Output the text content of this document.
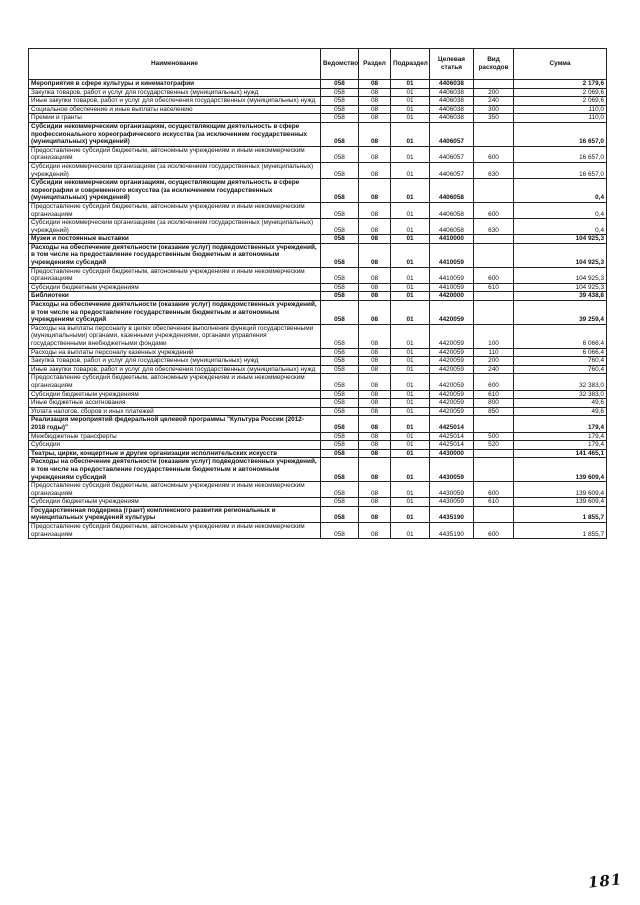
Наименование	Ведомство	Раздел	Подраздел	Целевая статья	Вид расходов	Сумма
Мероприятия в сфере культуры и кинематографии	058	08	01	4406038		2 179,6
Закупка товаров, работ и услуг для государственных (муниципальных) нужд	058	08	01	4406038	200	2 069,6
Иные закупки товаров, работ и услуг для обеспечения государственных (муниципальных) нужд	058	08	01	4406038	240	2 069,6
Социальное обеспечение и иные выплаты населению	058	08	01	4406038	300	110,0
Премии и гранты	058	08	01	4406038	350	110,0
Субсидии некоммерческим организациям, осуществляющим деятельность в сфере профессионального хореографического искусства (за исключением государственных (муниципальных) учреждений)	058	08	01	4406057		16 657,0
Предоставление субсидий бюджетным, автономным учреждениям и иным некоммерческим организациям	058	08	01	4406057	600	16 657,0
Субсидии некоммерческим организациям (за исключением государственных (муниципальных) учреждений)	058	08	01	4406057	630	16 657,0
Субсидии некоммерческим организациям, осуществляющим деятельность в сфере хореографии и современного искусства (за исключением государственных (муниципальных) учреждений)	058	08	01	4406058		0,4
Предоставление субсидий бюджетным, автономным учреждениям и иным некоммерческим организациям	058	08	01	4406058	600	0,4
Субсидии некоммерческим организациям (за исключением государственных (муниципальных) учреждений)	058	08	01	4406058	630	0,4
Музеи и постоянные выставки	058	08	01	4410000		104 925,3
Расходы на обеспечение деятельности (оказание услуг) подведомственных учреждений, в том числе на предоставление государственным бюджетным и автономным учреждениям субсидий	058	08	01	4410059		104 925,3
Предоставление субсидий бюджетным, автономным учреждениям и иным некоммерческим организациям	058	08	01	4410059	600	104 925,3
Субсидии бюджетным учреждениям	058	08	01	4410059	610	104 925,3
Библиотеки	058	08	01	4420000		39 438,8
Расходы на обеспечение деятельности (оказание услуг) подведомственных учреждений, в том числе на предоставление государственным бюджетным и автономным учреждениям субсидий	058	08	01	4420059		39 259,4
Расходы на выплаты персоналу в целях обеспечения выполнения функций государственными (муниципальными) органами, казенными учреждениями, органами управления государственными внебюджетными фондами	058	08	01	4420059	100	6 066,4
Расходы на выплаты персоналу казенных учреждений	058	08	01	4420059	110	6 066,4
Закупка товаров, работ и услуг для государственных (муниципальных) нужд	058	08	01	4420059	200	760,4
Иные закупки товаров, работ и услуг для обеспечения государственных (муниципальных) нужд	058	08	01	4420059	240	760,4
Предоставление субсидий бюджетным, автономным учреждениям и иным некоммерческим организациям	058	08	01	4420059	600	32 383,0
Субсидии бюджетным учреждениям	058	08	01	4420059	610	32 383,0
Иные бюджетные ассигнования	058	08	01	4420059	800	49,6
Уплата налогов, сборов и иных платежей	058	08	01	4420059	850	49,6
Реализация мероприятий федеральной целевой программы "Культура России (2012-2018 годы)"	058	08	01	4425014		179,4
Межбюджетные трансферты	058	08	01	4425014	500	179,4
Субсидии	058	08	01	4425014	520	179,4
Театры, цирки, концертные и другие организации исполнительских искусств	058	08	01	4430000		141 465,1
Расходы на обеспечение деятельности (оказание услуг) подведомственных учреждений, в том числе на предоставление государственным бюджетным и автономным учреждениям субсидий	058	08	01	4430059		139 609,4
Предоставление субсидий бюджетным, автономным учреждениям и иным некоммерческим организациям	058	08	01	4430059	600	139 609,4
Субсидии бюджетным учреждениям	058	08	01	4430059	610	139 609,4
Государственная поддержка (грант) комплексного развития региональных и муниципальных учреждений культуры	058	08	01	4435190		1 855,7
Предоставление субсидий бюджетным, автономным учреждениям и иным некоммерческим организациям	058	08	01	4435190	600	1 855,7
181
